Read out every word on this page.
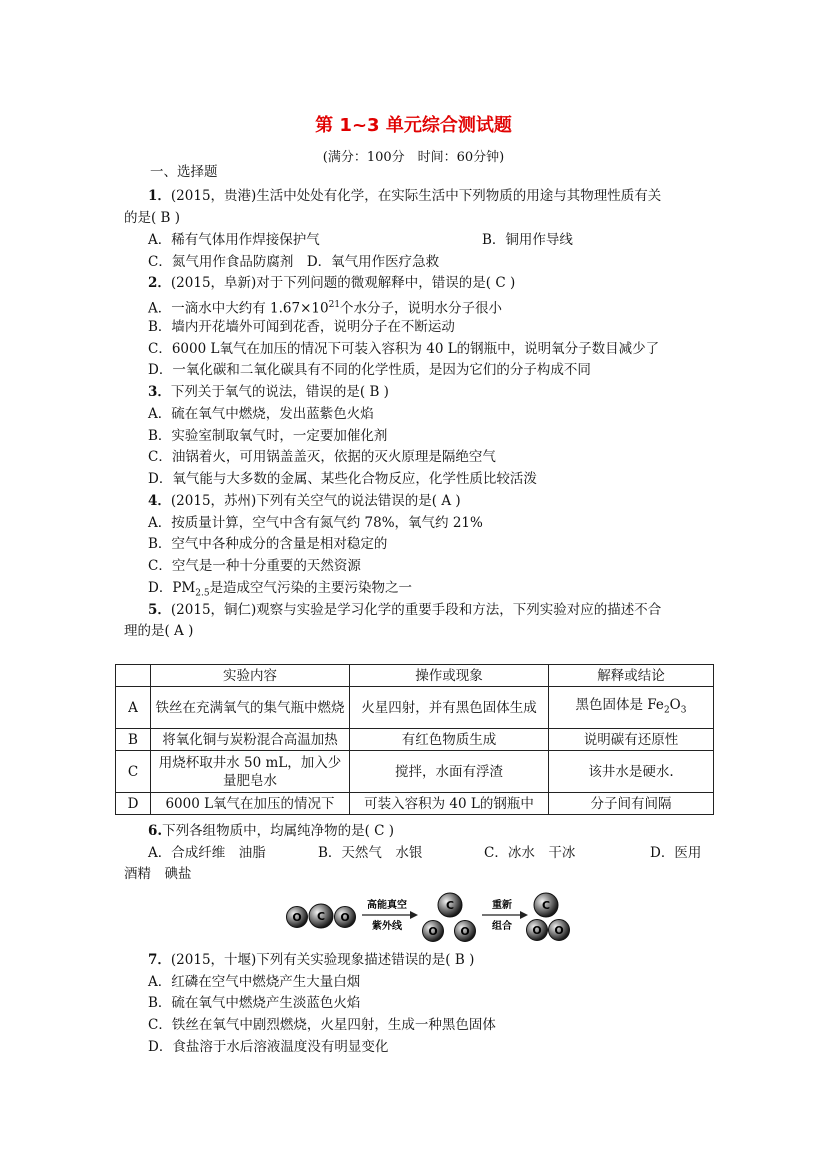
第 1~3 单元综合测试题
(满分：100分　时间：60分钟)
一、选择题
1．(2015，贵港)生活中处处有化学，在实际生活中下列物质的用途与其物理性质有关
的是( B )
A．稀有气体用作焊接保护气	B．铜用作导线
C．氮气用作食品防腐剂　D．氧气用作医疗急救
2．(2015，阜新)对于下列问题的微观解释中，错误的是( C )
A．一滴水中大约有 $1.67\times 10^{21}$个水分子，说明水分子很小
B．墙内开花墙外可闻到花香，说明分子在不断运动
C．6000 L氧气在加压的情况下可装入容积为 40 L的钢瓶中，说明氧分子数目减少了
D．一氧化碳和二氧化碳具有不同的化学性质，是因为它们的分子构成不同
3．下列关于氧气的说法，错误的是( B )
A．硫在氧气中燃烧，发出蓝紫色火焰
B．实验室制取氧气时，一定要加催化剂
C．油锅着火，可用锅盖盖灭，依据的灭火原理是隔绝空气
D．氧气能与大多数的金属、某些化合物反应，化学性质比较活泼
4．(2015，苏州)下列有关空气的说法错误的是( A )
A．按质量计算，空气中含有氮气约 78%，氧气约 21%
B．空气中各种成分的含量是相对稳定的
C．空气是一种十分重要的天然资源
D．$PM_{2.5}$是造成空气污染的主要污染物之一
5．(2015，铜仁)观察与实验是学习化学的重要手段和方法，下列实验对应的描述不合
理的是( A )
	实验内容	操作或现象	解释或结论
A	铁丝在充满氧气的集气瓶中燃烧	火星四射，并有黑色固体生成	黑色固体是 $Fe_2O_3$
B	将氧化铜与炭粉混合高温加热	有红色物质生成	说明碳有还原性
C	用烧杯取井水 50 mL，加入少量肥皂水	搅拌，水面有浮渣	该井水是硬水.
D	6000 L氧气在加压的情况下	可装入容积为 40 L的钢瓶中	分子间有间隔
6.下列各组物质中，均属纯净物的是( C )
A．合成纤维　油脂	B．天然气　水银	C．冰水　干冰	D．医用
酒精　碘盐
O C O
高能真空
紫外线
C
O O
重新
组合
C
O O
7．(2015，十堰)下列有关实验现象描述错误的是( B )
A．红磷在空气中燃烧产生大量白烟
B．硫在氧气中燃烧产生淡蓝色火焰
C．铁丝在氧气中剧烈燃烧，火星四射，生成一种黑色固体
D．食盐溶于水后溶液温度没有明显变化
